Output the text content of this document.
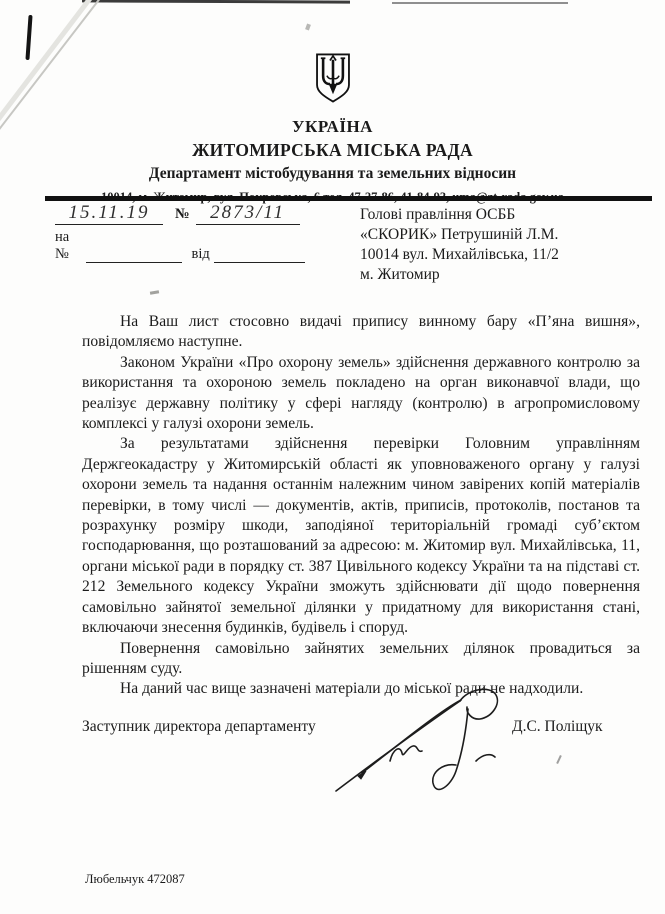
УКРАЇНА
ЖИТОМИРСЬКА МІСЬКА РАДА
Департамент містобудування та земельних відносин
15.11.19	№	2873/11
на №	від
Голові правління ОСББ
«СКОРИК» Петрушиній Л.М.
10014 вул. Михайлівська, 11/2
м. Житомир

На Ваш лист стосовно видачі припису винному бару «П’яна вишня», повідомляємо наступне.

Законом України «Про охорону земель» здійснення державного контролю за використання та охороною земель покладено на орган виконавчої влади, що реалізує державну політику у сфері нагляду (контролю) в агропромисловому комплексі у галузі охорони земель.

За результатами здійснення перевірки Головним управлінням Держгеокадастру у Житомирській області як уповноваженого органу у галузі охорони земель та надання останнім належним чином завірених копій матеріалів перевірки, в тому числі — документів, актів, приписів, протоколів, постанов та розрахунку розміру шкоди, заподіяної територіальній громаді суб’єктом господарювання, що розташований за адресою: м. Житомир вул. Михайлівська, 11, органи міської ради в порядку ст. 387 Цивільного кодексу України та на підставі ст. 212 Земельного кодексу України зможуть здійснювати дії щодо повернення самовільно зайнятої земельної ділянки у придатному для використання стані, включаючи знесення будинків, будівель і споруд.

Повернення самовільно зайнятих земельних ділянок провадиться за рішенням суду.

На даний час вище зазначені матеріали до міської ради не надходили.

Заступник директора департаменту	Д.С. Поліщук
Любельчук 472087
